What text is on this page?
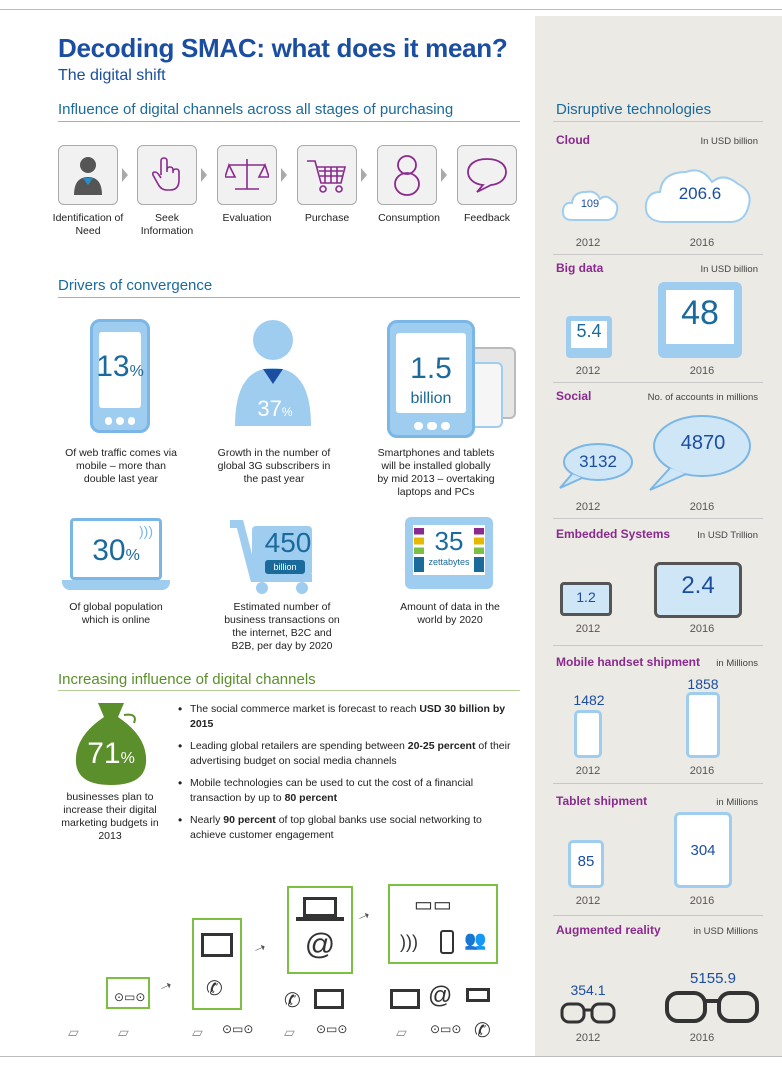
Decoding SMAC: what does it mean?
The digital shift
Influence of digital channels across all stages of purchasing
Identification of Need
Seek Information
Evaluation	Purchase	Consumption	Feedback
Drivers of convergence
13%
Of web traffic comes via mobile – more than double last year
37%
Growth in the number of global 3G subscribers in the past year
1.5
billion
Smartphones and tablets will be installed globally by mid 2013 – overtaking laptops and PCs
30%
)))
Of global population which is online
450
billion
Estimated number of business transactions on the internet, B2C and B2B, per day by 2020
35
zettabytes
Amount of data in the world by 2020
Increasing influence of digital channels
71%
businesses plan to increase their digital marketing budgets in 2013
• The social commerce market is forecast to reach USD 30 billion by 2015
• Leading global retailers are spending between 20-25 percent of their advertising budget on social media channels
• Mobile technologies can be used to cut the cost of a financial transaction by up to 80 percent
• Nearly 90 percent of top global banks use social networking to achieve customer engagement
⊙▭⊙
▱	▱
➝ ✆
▱ ⊙▭⊙
➝ @
✆
▱ ⊙▭⊙
➝
▭▭
)))	👥
@
▱ ⊙▭⊙ ✆
Disruptive technologies
Cloud	In USD billion
109
206.6
2012	2016
Big data	In USD billion
5.4	48
2012	2016
Social	No. of accounts in millions
3132
4870
2012	2016
Embedded Systems	In USD Trillion
1.2	2.4
2012	2016
Mobile handset shipment	in Millions
1482
1858
2012	2016
Tablet shipment	in Millions
85
304
2012	2016
Augmented reality	in USD Millions
354.1
5155.9
2012	2016
